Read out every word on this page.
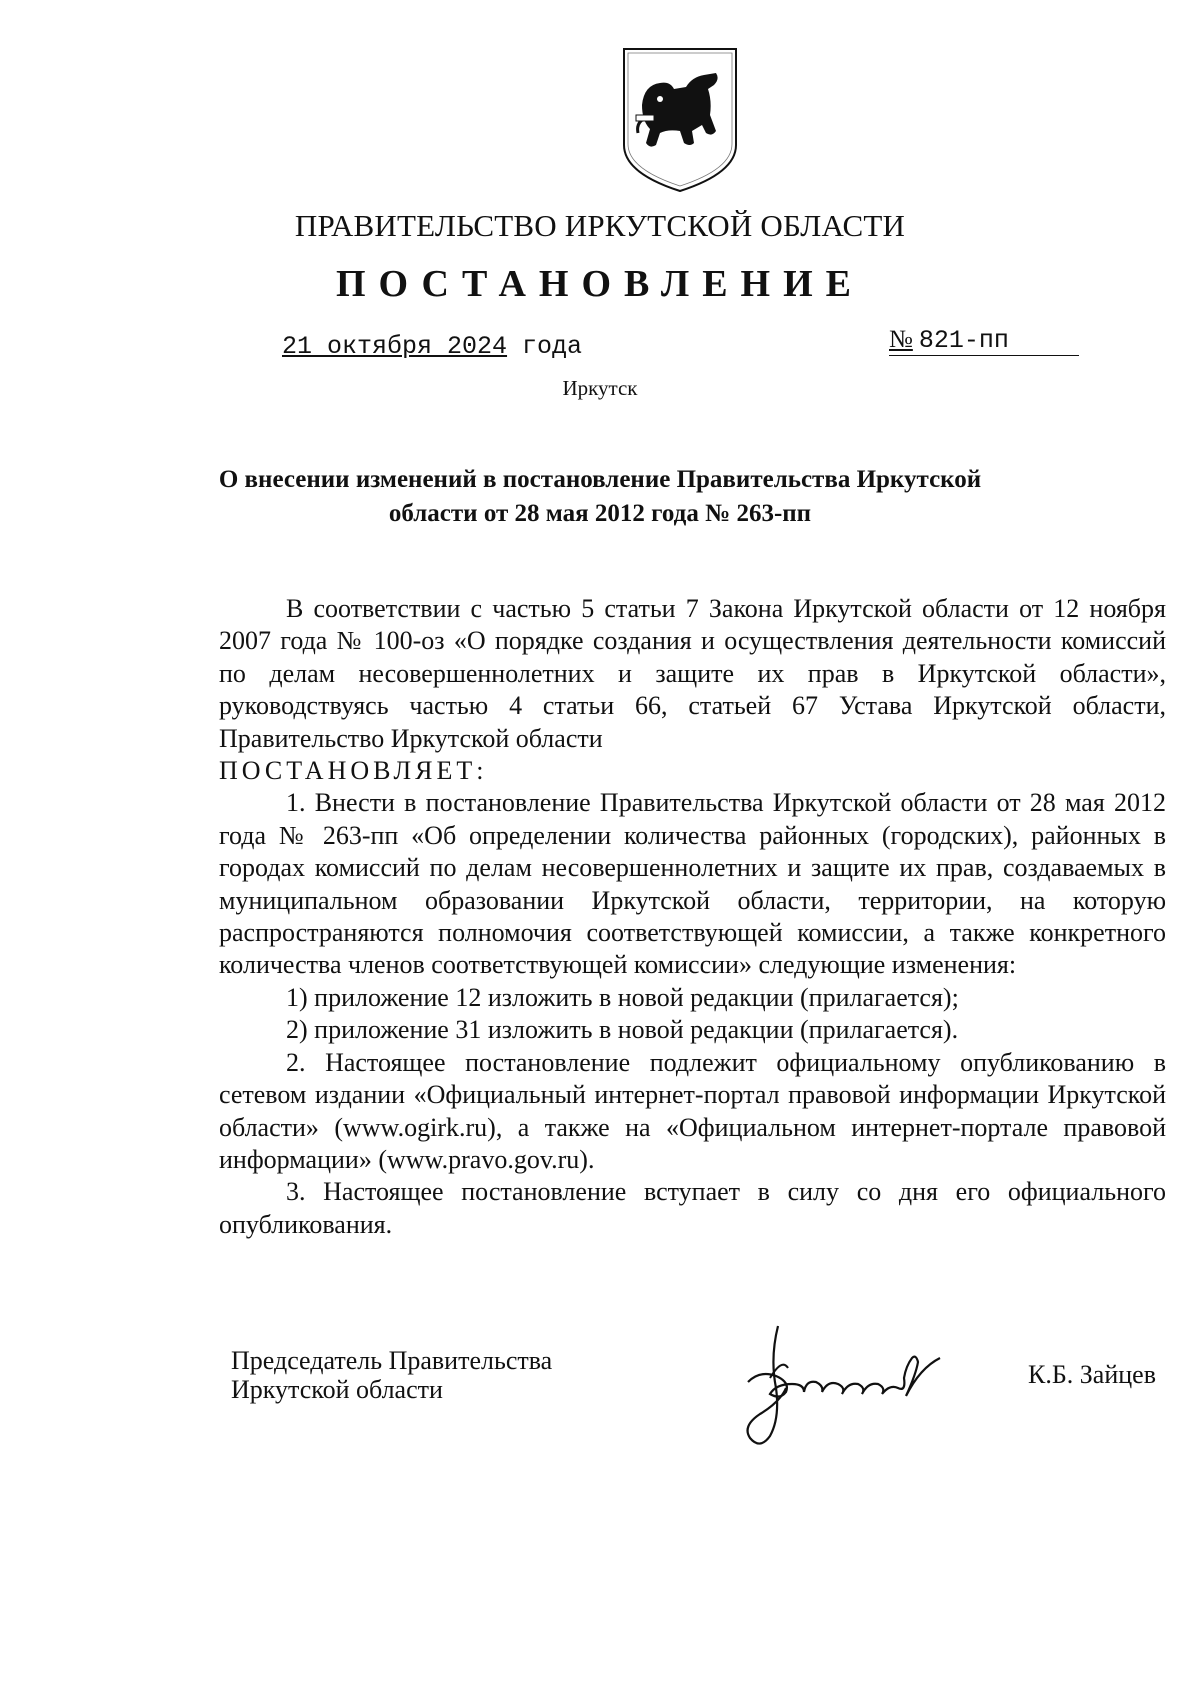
ПРАВИТЕЛЬСТВО ИРКУТСКОЙ ОБЛАСТИ
ПОСТАНОВЛЕНИЕ
21 октября 2024 года	№ 821-пп
Иркутск
О внесении изменений в постановление Правительства Иркутской
области от 28 мая 2012 года № 263-пп

В соответствии с частью 5 статьи 7 Закона Иркутской области от 12 ноября 2007 года № 100-оз «О порядке создания и осуществления деятельности комиссий по делам несовершеннолетних и защите их прав в Иркутской области», руководствуясь частью 4 статьи 66, статьей 67 Устава Иркутской области, Правительство Иркутской области

ПОСТАНОВЛЯЕТ:

1. Внести в постановление Правительства Иркутской области от 28 мая 2012 года № 263-пп «Об определении количества районных (городских), районных в городах комиссий по делам несовершеннолетних и защите их прав, создаваемых в муниципальном образовании Иркутской области, территории, на которую распространяются полномочия соответствующей комиссии, а также конкретного количества членов соответствующей комиссии» следующие изменения:

1) приложение 12 изложить в новой редакции (прилагается);

2) приложение 31 изложить в новой редакции (прилагается).

2. Настоящее постановление подлежит официальному опубликованию в сетевом издании «Официальный интернет-портал правовой информации Иркутской области» (www.ogirk.ru), а также на «Официальном интернет-портале правовой информации» (www.pravo.gov.ru).

3. Настоящее постановление вступает в силу со дня его официального опубликования.

Председатель Правительства
Иркутской области
К.Б. Зайцев
